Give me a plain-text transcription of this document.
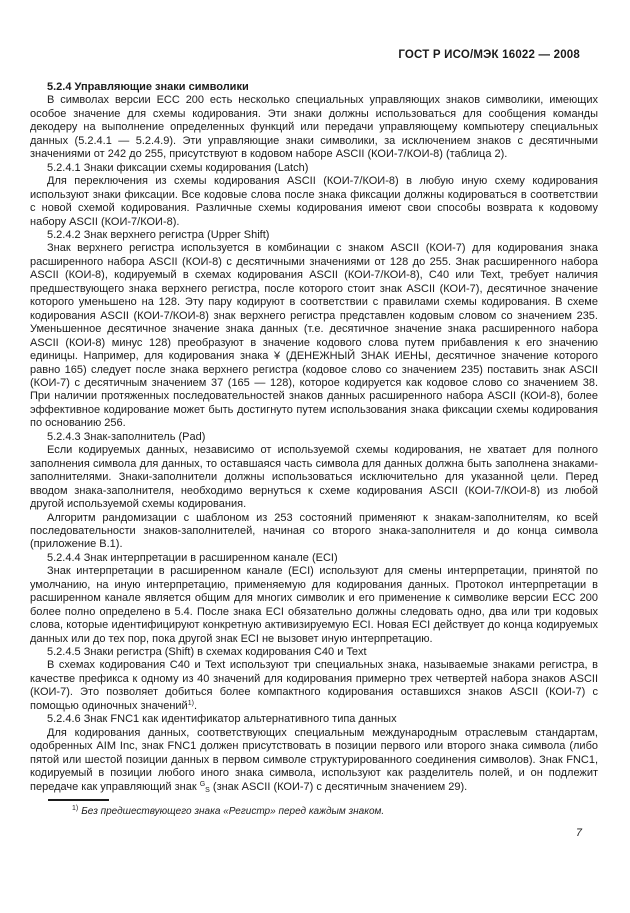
ГОСТ Р ИСО/МЭК 16022 — 2008

5.2.4 Управляющие знаки символики

В символах версии ЕСС 200 есть несколько специальных управляющих знаков символики, имеющих особое значение для схемы кодирования. Эти знаки должны использоваться для сообщения команды декодеру на выполнение определенных функций или передачи управляющему компьютеру специальных данных (5.2.4.1 — 5.2.4.9). Эти управляющие знаки символики, за исключением знаков с десятичными значениями от 242 до 255, присутствуют в кодовом наборе ASCII (КОИ-7/КОИ-8) (таблица 2).

5.2.4.1 Знаки фиксации схемы кодирования (Latch)

Для переключения из схемы кодирования ASCII (КОИ-7/КОИ-8) в любую иную схему кодирования используют знаки фиксации. Все кодовые слова после знака фиксации должны кодироваться в соответствии с новой схемой кодирования. Различные схемы кодирования имеют свои способы возврата к кодовому набору ASCII (КОИ-7/КОИ-8).

5.2.4.2 Знак верхнего регистра (Upper Shift)

Знак верхнего регистра используется в комбинации с знаком ASCII (КОИ-7) для кодирования знака расширенного набора ASCII (КОИ-8) с десятичными значениями от 128 до 255. Знак расширенного набора ASCII (КОИ-8), кодируемый в схемах кодирования ASCII (КОИ-7/КОИ-8), С40 или Text, требует наличия предшествующего знака верхнего регистра, после которого стоит знак ASCII (КОИ-7), десятичное значение которого уменьшено на 128. Эту пару кодируют в соответствии с правилами схемы кодирования. В схеме кодирования ASCII (КОИ-7/КОИ-8) знак верхнего регистра представлен кодовым словом со значением 235. Уменьшенное десятичное значение знака данных (т.е. десятичное значение знака расширенного набора ASCII (КОИ-8) минус 128) преобразуют в значение кодового слова путем прибавления к его значению единицы. Например, для кодирования знака ¥ (ДЕНЕЖНЫЙ ЗНАК ИЕНЫ, десятичное значение которого равно 165) следует после знака верхнего регистра (кодовое слово со значением 235) поставить знак ASCII (КОИ-7) с десятичным значением 37 (165 — 128), которое кодируется как кодовое слово со значением 38. При наличии протяженных последовательностей знаков данных расширенного набора ASCII (КОИ-8), более эффективное кодирование может быть достигнуто путем использования знака фиксации схемы кодирования по основанию 256.

5.2.4.3 Знак-заполнитель (Pad)

Если кодируемых данных, независимо от используемой схемы кодирования, не хватает для полного заполнения символа для данных, то оставшаяся часть символа для данных должна быть заполнена знаками-заполнителями. Знаки-заполнители должны использоваться исключительно для указанной цели. Перед вводом знака-заполнителя, необходимо вернуться к схеме кодирования ASCII (КОИ-7/КОИ-8) из любой другой используемой схемы кодирования.

Алгоритм рандомизации с шаблоном из 253 состояний применяют к знакам-заполнителям, ко всей последовательности знаков-заполнителей, начиная со второго знака-заполнителя и до конца символа (приложение В.1).

5.2.4.4 Знак интерпретации в расширенном канале (ECI)

Знак интерпретации в расширенном канале (ECI) используют для смены интерпретации, принятой по умолчанию, на иную интерпретацию, применяемую для кодирования данных. Протокол интерпретации в расширенном канале является общим для многих символик и его применение к символике версии ЕСС 200 более полно определено в 5.4. После знака ECI обязательно должны следовать одно, два или три кодовых слова, которые идентифицируют конкретную активизируемую ECI. Новая ECI действует до конца кодируемых данных или до тех пор, пока другой знак ECI не вызовет иную интерпретацию.

5.2.4.5 Знаки регистра (Shift) в схемах кодирования С40 и Text

В схемах кодирования С40 и Text используют три специальных знака, называемые знаками регистра, в качестве префикса к одному из 40 значений для кодирования примерно трех четвертей набора знаков ASCII (КОИ-7). Это позволяет добиться более компактного кодирования оставшихся знаков ASCII (КОИ-7) с помощью одиночных значений$^{1)}$.

5.2.4.6 Знак FNC1 как идентификатор альтернативного типа данных

Для кодирования данных, соответствующих специальным международным отраслевым стандартам, одобренных AIM Inc, знак FNC1 должен присутствовать в позиции первого или второго знака символа (либо пятой или шестой позиции данных в первом символе структурированного соединения символов). Знак FNC1, кодируемый в позиции любого иного знака символа, используют как разделитель полей, и он подлежит передаче как управляющий знак $^G_S$ (знак ASCII (КОИ-7) с десятичным значением 29).

$^{1)}$ Без предшествующего знака «Регистр» перед каждым знаком.
7
